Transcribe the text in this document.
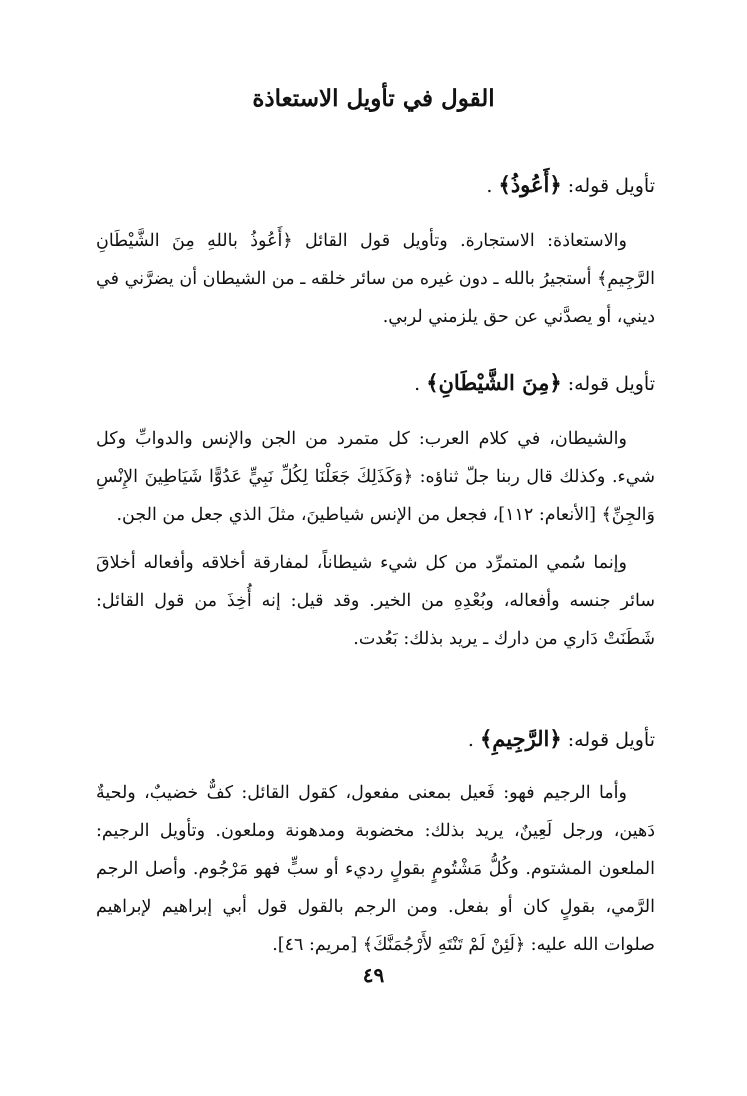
القول في تأويل الاستعاذة
تأويل قوله: ﴿أَعُوذُ﴾ .

والاستعاذة: الاستجارة. وتأويل قول القائل ﴿أَعُوذُ باللهِ مِنَ الشَّيْطَانِ الرَّجِيمِ﴾ أستجيرُ بالله ـ دون غيره من سائر خلقه ـ من الشيطان أن يضرَّني في ديني، أو يصدَّني عن حق يلزمني لربي.

تأويل قوله: ﴿مِنَ الشَّيْطَانِ﴾ .

والشيطان، في كلام العرب: كل متمرد من الجن والإنس والدوابِّ وكل شيء. وكذلك قال ربنا جلّ ثناؤه: ﴿وَكَذَلِكَ جَعَلْنَا لِكُلِّ نَبِيٍّ عَدُوًّا شَيَاطِينَ الإِنْسِ وَالجِنِّ﴾ [الأنعام: ١١٢]، فجعل من الإنس شياطينَ، مثلَ الذي جعل من الجن.

وإنما سُمي المتمرِّد من كل شيء شيطاناً، لمفارقة أخلاقه وأفعاله أخلاقَ سائر جنسه وأفعاله، وبُعْدِهِ من الخير. وقد قيل: إنه أُخِذَ من قول القائل: شَطَنَتْ دَاري من دارك ـ يريد بذلك: بَعُدت.

تأويل قوله: ﴿الرَّجِيمِ﴾ .

وأما الرجيم فهو: فَعيل بمعنى مفعول، كقول القائل: كفٌّ خضيبٌ، ولحيةٌ دَهين، ورجل لَعِينٌ، يريد بذلك: مخضوبة ومدهونة وملعون. وتأويل الرجيم: الملعون المشتوم. وكُلُّ مَشْتُومٍ بقولٍ رديء أو سبٍّ فهو مَرْجُوم. وأصل الرجم الرَّمي، بقولٍ كان أو بفعل. ومن الرجم بالقول قول أبي إبراهيم لإبراهيم صلوات الله عليه: ﴿لَئِنْ لَمْ تَنْتَهِ لأَرْجُمَنَّكَ﴾ [مريم: ٤٦].

٤٩
